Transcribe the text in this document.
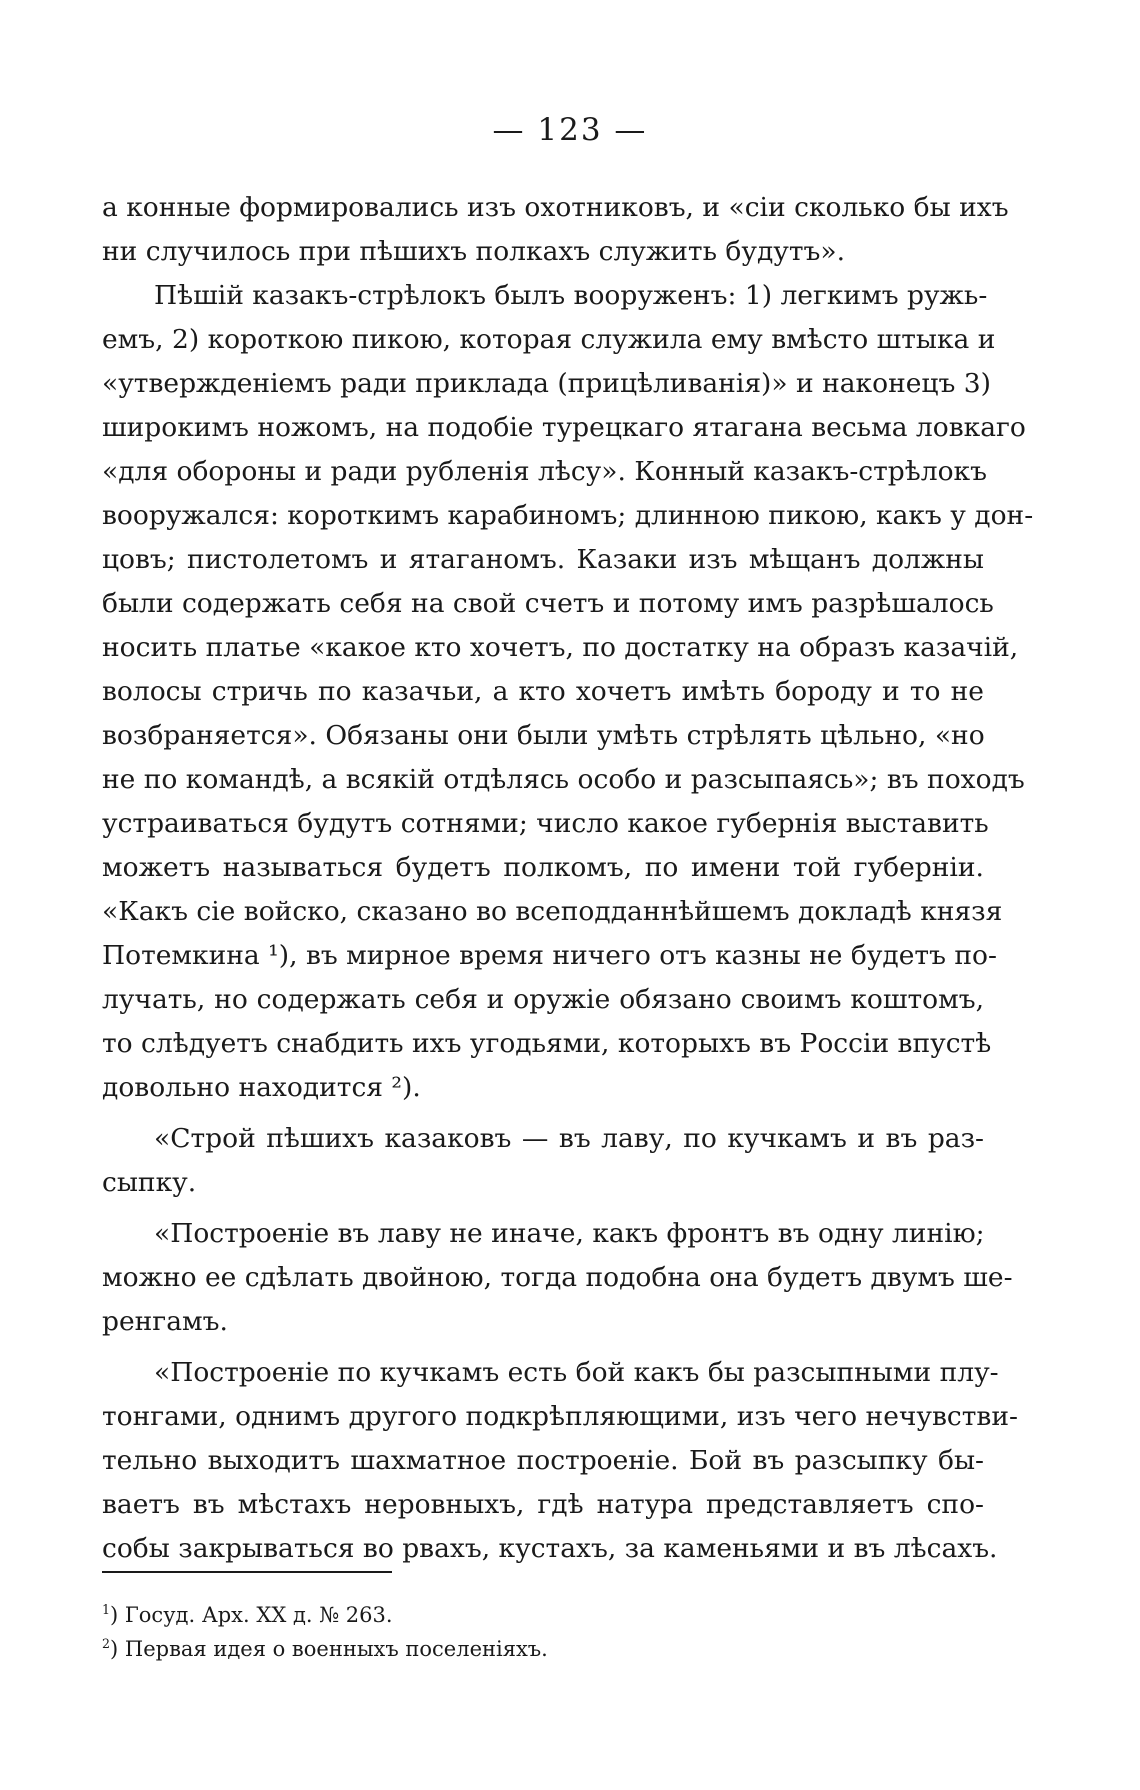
— 123 —
а конные формировались изъ охотниковъ, и «сіи сколько бы ихъ
ни случилось при пѣшихъ полкахъ служить будутъ».
Пѣшій казакъ-стрѣлокъ былъ вооруженъ: 1) легкимъ ружь-
емъ, 2) короткою пикою, которая служила ему вмѣсто штыка и
«утвержденіемъ ради приклада (прицѣливанія)» и наконецъ 3)
широкимъ ножомъ, на подобіе турецкаго ятагана весьма ловкаго
«для обороны и ради рубленія лѣсу». Конный казакъ-стрѣлокъ
вооружался: короткимъ карабиномъ; длинною пикою, какъ у дон-
цовъ; пистолетомъ и ятаганомъ. Казаки изъ мѣщанъ должны
были содержать себя на свой счетъ и потому имъ разрѣшалось
носить платье «какое кто хочетъ, по достатку на образъ казачій,
волосы стричь по казачьи, а кто хочетъ имѣть бороду и то не
возбраняется». Обязаны они были умѣть стрѣлять цѣльно, «но
не по командѣ, а всякій отдѣлясь особо и разсыпаясь»; въ походъ
устраиваться будутъ сотнями; число какое губернія выставить
можетъ называться будетъ полкомъ, по имени той губерніи.
«Какъ сіе войско, сказано во всеподданнѣйшемъ докладѣ князя
Потемкина ¹), въ мирное время ничего отъ казны не будетъ по-
лучать, но содержать себя и оружіе обязано своимъ коштомъ,
то слѣдуетъ снабдить ихъ угодьями, которыхъ въ Россіи впустѣ
довольно находится ²).
«Строй пѣшихъ казаковъ — въ лаву, по кучкамъ и въ раз-
сыпку.
«Построеніе въ лаву не иначе, какъ фронтъ въ одну линію;
можно ее сдѣлать двойною, тогда подобна она будетъ двумъ ше-
ренгамъ.
«Построеніе по кучкамъ есть бой какъ бы разсыпными плу-
тонгами, однимъ другого подкрѣпляющими, изъ чего нечувстви-
тельно выходитъ шахматное построеніе. Бой въ разсыпку бы-
ваетъ въ мѣстахъ неровныхъ, гдѣ натура представляетъ спо-
собы закрываться во рвахъ, кустахъ, за каменьями и въ лѣсахъ.
$^1$) Госуд. Арх. XX д. № 263.
$^2$) Первая идея о военныхъ поселеніяхъ.
